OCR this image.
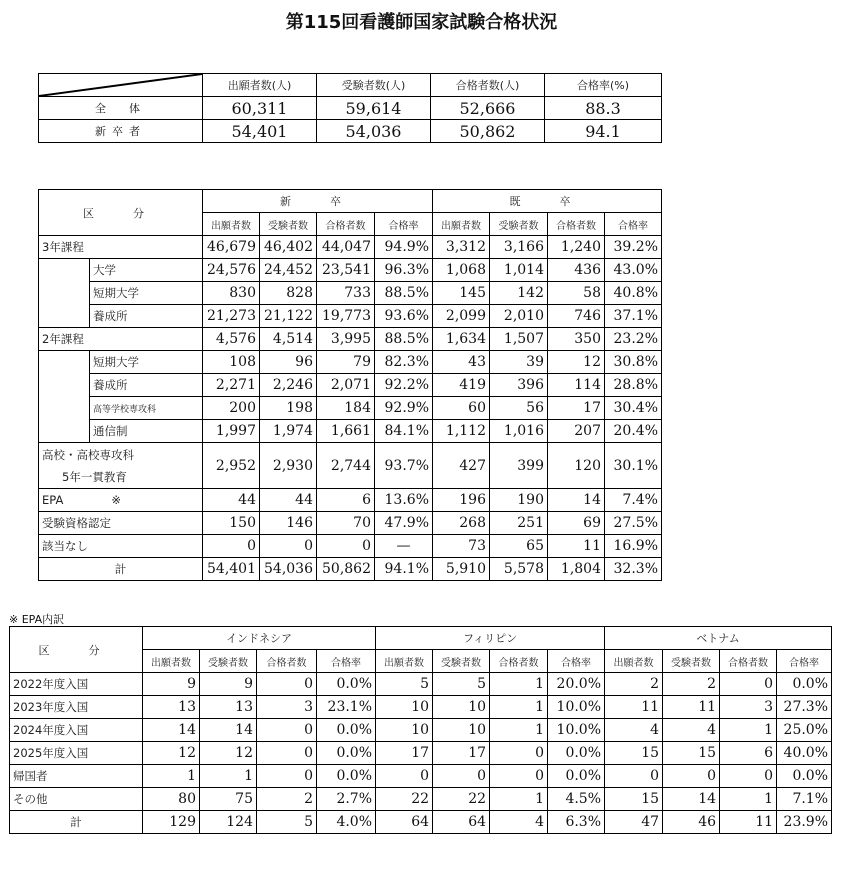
第115回看護師国家試験合格状況
	出願者数(人)	受験者数(人)	合格者数(人)	合格率(%)
全　体	60,311	59,614	52,666	88.3
新卒者	54,401	54,036	50,862	94.1
区　分		新　卒				既　卒			
		出願者数	受験者数	合格者数	合格率	出願者数	受験者数	合格者数	合格率
3年課程		46,679	46,402	44,047	94.9%	3,312	3,166	1,240	39.2%
	大学	24,576	24,452	23,541	96.3%	1,068	1,014	436	43.0%
	短期大学	830	828	733	88.5%	145	142	58	40.8%
	養成所	21,273	21,122	19,773	93.6%	2,099	2,010	746	37.1%
2年課程		4,576	4,514	3,995	88.5%	1,634	1,507	350	23.2%
	短期大学	108	96	79	82.3%	43	39	12	30.8%
	養成所	2,271	2,246	2,071	92.2%	419	396	114	28.8%
	高等学校専攻科	200	198	184	92.9%	60	56	17	30.4%
	通信制	1,997	1,974	1,661	84.1%	1,112	1,016	207	20.4%

高校・高校専攻科
5年一貫教育		2,952	2,930	2,744	93.7%	427	399	120	30.1%
EPA ※		44	44	6	13.6%	196	190	14	7.4%
受験資格認定		150	146	70	47.9%	268	251	69	27.5%
該当なし		0	0	0	—	73	65	11	16.9%
計		54,401	54,036	50,862	94.1%	5,910	5,578	1,804	32.3%
※ EPA内訳
区　分	インドネシア				フィリピン				ベトナム			
	出願者数	受験者数	合格者数	合格率	出願者数	受験者数	合格者数	合格率	出願者数	受験者数	合格者数	合格率
2022年度入国	9	9	0	0.0%	5	5	1	20.0%	2	2	0	0.0%
2023年度入国	13	13	3	23.1%	10	10	1	10.0%	11	11	3	27.3%
2024年度入国	14	14	0	0.0%	10	10	1	10.0%	4	4	1	25.0%
2025年度入国	12	12	0	0.0%	17	17	0	0.0%	15	15	6	40.0%
帰国者	1	1	0	0.0%	0	0	0	0.0%	0	0	0	0.0%
その他	80	75	2	2.7%	22	22	1	4.5%	15	14	1	7.1%
計	129	124	5	4.0%	64	64	4	6.3%	47	46	11	23.9%
